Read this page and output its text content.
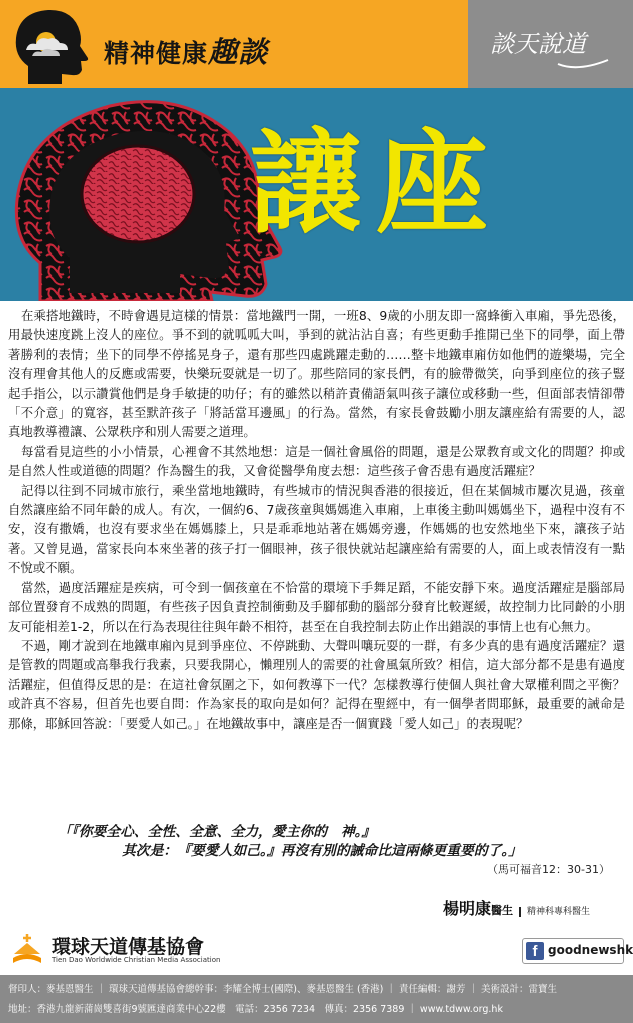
精神健康趣談	談天說道
讓座

在乘搭地鐵時，不時會遇見這樣的情景：當地鐵門一開，一班8、9歲的小朋友即一窩蜂衝入車廂，爭先恐後，用最快速度跳上沒人的座位。爭不到的就呱呱大叫，爭到的就沾沾自喜；有些更動手推開已坐下的同學，面上帶著勝利的表情；坐下的同學不停搖晃身子，還有那些四處跳躍走動的……整卡地鐵車廂仿如他們的遊樂場，完全沒有理會其他人的反應或需要，快樂玩耍就是一切了。那些陪同的家長們，有的臉帶微笑，向爭到座位的孩子豎起手指公，以示讚賞他們是身手敏捷的叻仔；有的雖然以稍許責備語氣叫孩子讓位或移動一些，但面部表情卻帶「不介意」的寬容，甚至默許孩子「將話當耳邊風」的行為。當然，有家長會鼓勵小朋友讓座給有需要的人，認真地教導禮讓、公眾秩序和別人需要之道理。

每當看見這些的小小情景，心裡會不其然地想：這是一個社會風俗的問題，還是公眾教育或文化的問題？抑或是自然人性或道德的問題？作為醫生的我，又會從醫學角度去想：這些孩子會否患有過度活躍症？

記得以往到不同城市旅行，乘坐當地地鐵時，有些城市的情況與香港的很接近，但在某個城市屢次見過，孩童自然讓座給不同年齡的成人。有次，一個約6、7歲孩童與媽媽進入車廂，上車後主動叫媽媽坐下，過程中沒有不安，沒有撒嬌，也沒有要求坐在媽媽膝上，只是乖乖地站著在媽媽旁邊，作媽媽的也安然地坐下來，讓孩子站著。又曾見過，當家長向本來坐著的孩子打一個眼神，孩子很快就站起讓座給有需要的人，面上或表情沒有一點不悅或不願。

當然，過度活躍症是疾病，可令到一個孩童在不恰當的環境下手舞足蹈，不能安靜下來。過度活躍症是腦部局部位置發育不成熟的問題，有些孩子因負責控制衝動及手腳郁動的腦部分發育比較遲緩，故控制力比同齡的小朋友可能相差1-2，所以在行為表現往往與年齡不相符，甚至在自我控制去防止作出錯誤的事情上也有心無力。

不過，剛才說到在地鐵車廂內見到爭座位、不停跳動、大聲叫嚷玩耍的一群，有多少真的患有過度活躍症？還是管教的問題或高舉我行我素，只要我開心，懶理別人的需要的社會風氣所致？相信，這大部分都不是患有過度活躍症，但值得反思的是：在這社會氛圍之下，如何教導下一代？怎樣教導行使個人與社會大眾權利間之平衡？或許真不容易，但首先也要自問：作為家長的取向是如何？記得在聖經中，有一個學者問耶穌，最重要的誡命是那條，耶穌回答說：「要愛人如己。」在地鐵故事中，讓座是否一個實踐「愛人如己」的表現呢？

「『你要全心、全性、全意、全力，愛主你的　神。』
其次是：『要愛人如己。』再沒有別的誡命比這兩條更重要的了。」
（馬可福音12：30-31）
楊明康醫生 精神科專科醫生
環球天道傳基協會
Tien Dao Worldwide Christian Media Association	f goodnewshk
督印人：麥基恩醫生 ｜ 環球天道傳基協會總幹事：李耀全博士(國際)、麥基恩醫生 (香港) ｜ 責任編輯：謝芳 ｜ 美術設計：雷寶生
地址：香港九龍新蒲崗雙喜街9號匯達商業中心22樓　電話：2356 7234　傳真：2356 7389 ｜ www.tdww.org.hk
